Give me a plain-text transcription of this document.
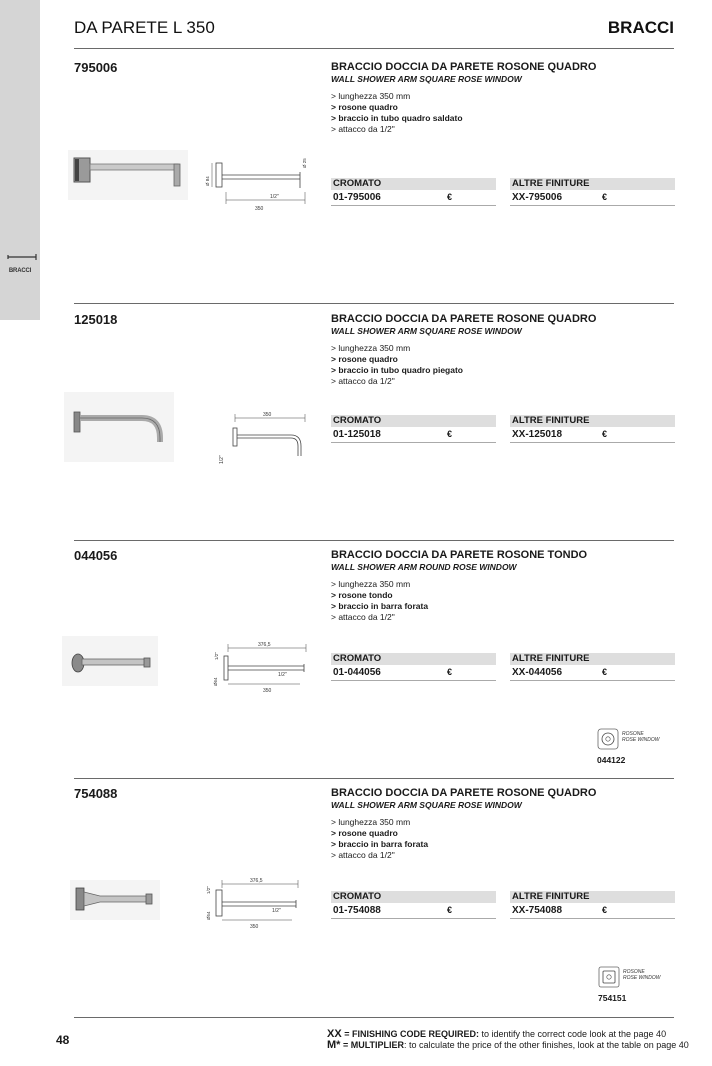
BRACCI
DA PARETE L 350	BRACCI
795006	BRACCIO DOCCIA DA PARETE ROSONE QUADRO
WALL SHOWER ARM SQUARE ROSE WINDOW
> lunghezza 350 mm
> rosone quadro
> braccio in tubo quadro saldato
> attacco da 1/2"
CROMATO
01-795006	€
ALTRE FINITURE
XX-795006	€
350
1/2"
Ø 84
Ø 25
125018	BRACCIO DOCCIA DA PARETE ROSONE QUADRO
WALL SHOWER ARM SQUARE ROSE WINDOW
> lunghezza 350 mm
> rosone quadro
> braccio in tubo quadro piegato
> attacco da 1/2"
CROMATO
01-125018	€
ALTRE FINITURE
XX-125018	€
350
1/2"
044056	BRACCIO DOCCIA DA PARETE ROSONE TONDO
WALL SHOWER ARM ROUND ROSE WINDOW
> lunghezza 350 mm
> rosone tondo
> braccio in barra forata
> attacco da 1/2"
CROMATO
01-044056	€
ALTRE FINITURE
XX-044056	€
376,5
350
1/2"
Ø64
1/2"
ROSONE
ROSE WINDOW
044122
754088	BRACCIO DOCCIA DA PARETE ROSONE QUADRO
WALL SHOWER ARM SQUARE ROSE WINDOW
> lunghezza 350 mm
> rosone quadro
> braccio in barra forata
> attacco da 1/2"
CROMATO
01-754088	€
ALTRE FINITURE
XX-754088	€
376,5
350
1/2"
Ø54
1/2"
ROSONE
ROSE WINDOW
754151
48	XX = FINISHING CODE REQUIRED: to identify the correct code look at the page 40
M* = MULTIPLIER: to calculate the price of the other finishes, look at the table on page 40
